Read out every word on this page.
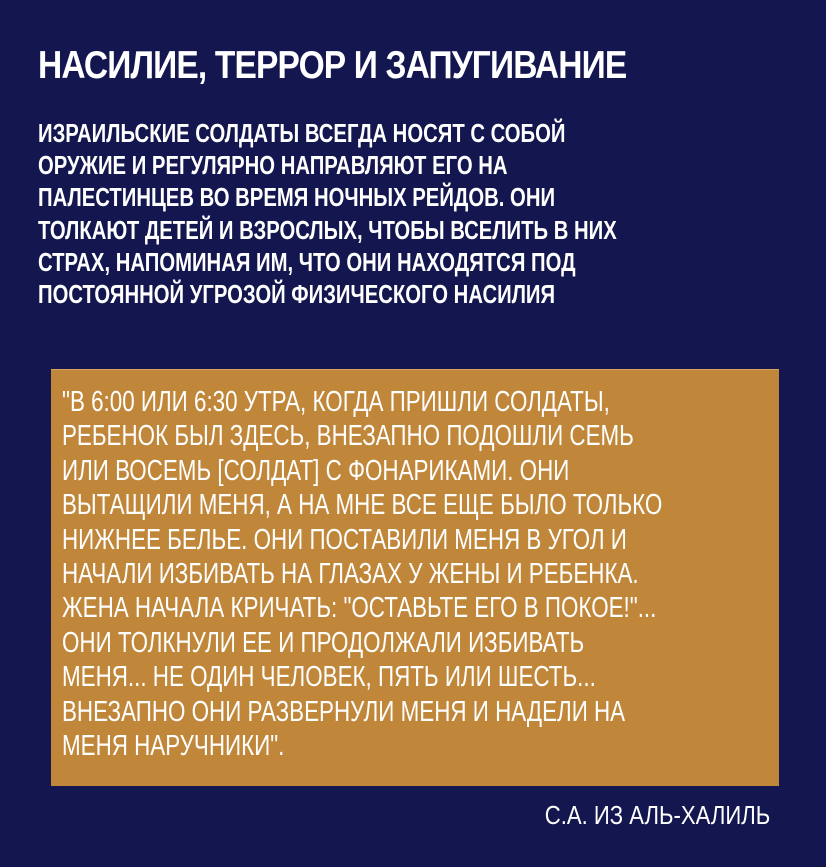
НАСИЛИЕ, ТЕРРОР И ЗАПУГИВАНИЕ

ИЗРАИЛЬСКИЕ СОЛДАТЫ ВСЕГДА НОСЯТ С СОБОЙ
ОРУЖИЕ И РЕГУЛЯРНО НАПРАВЛЯЮТ ЕГО НА
ПАЛЕСТИНЦЕВ ВО ВРЕМЯ НОЧНЫХ РЕЙДОВ. ОНИ
ТОЛКАЮТ ДЕТЕЙ И ВЗРОСЛЫХ, ЧТОБЫ ВСЕЛИТЬ В НИХ
СТРАХ, НАПОМИНАЯ ИМ, ЧТО ОНИ НАХОДЯТСЯ ПОД
ПОСТОЯННОЙ УГРОЗОЙ ФИЗИЧЕСКОГО НАСИЛИЯ

"В 6:00 ИЛИ 6:30 УТРА, КОГДА ПРИШЛИ СОЛДАТЫ,
РЕБЕНОК БЫЛ ЗДЕСЬ, ВНЕЗАПНО ПОДОШЛИ СЕМЬ
ИЛИ ВОСЕМЬ [СОЛДАТ] С ФОНАРИКАМИ. ОНИ
ВЫТАЩИЛИ МЕНЯ, А НА МНЕ ВСЕ ЕЩЕ БЫЛО ТОЛЬКО
НИЖНЕЕ БЕЛЬЕ. ОНИ ПОСТАВИЛИ МЕНЯ В УГОЛ И
НАЧАЛИ ИЗБИВАТЬ НА ГЛАЗАХ У ЖЕНЫ И РЕБЕНКА.
ЖЕНА НАЧАЛА КРИЧАТЬ: "ОСТАВЬТЕ ЕГО В ПОКОЕ!"...
ОНИ ТОЛКНУЛИ ЕЕ И ПРОДОЛЖАЛИ ИЗБИВАТЬ
МЕНЯ... НЕ ОДИН ЧЕЛОВЕК, ПЯТЬ ИЛИ ШЕСТЬ...
ВНЕЗАПНО ОНИ РАЗВЕРНУЛИ МЕНЯ И НАДЕЛИ НА
МЕНЯ НАРУЧНИКИ".

С.А. ИЗ АЛЬ-ХАЛИЛЬ
